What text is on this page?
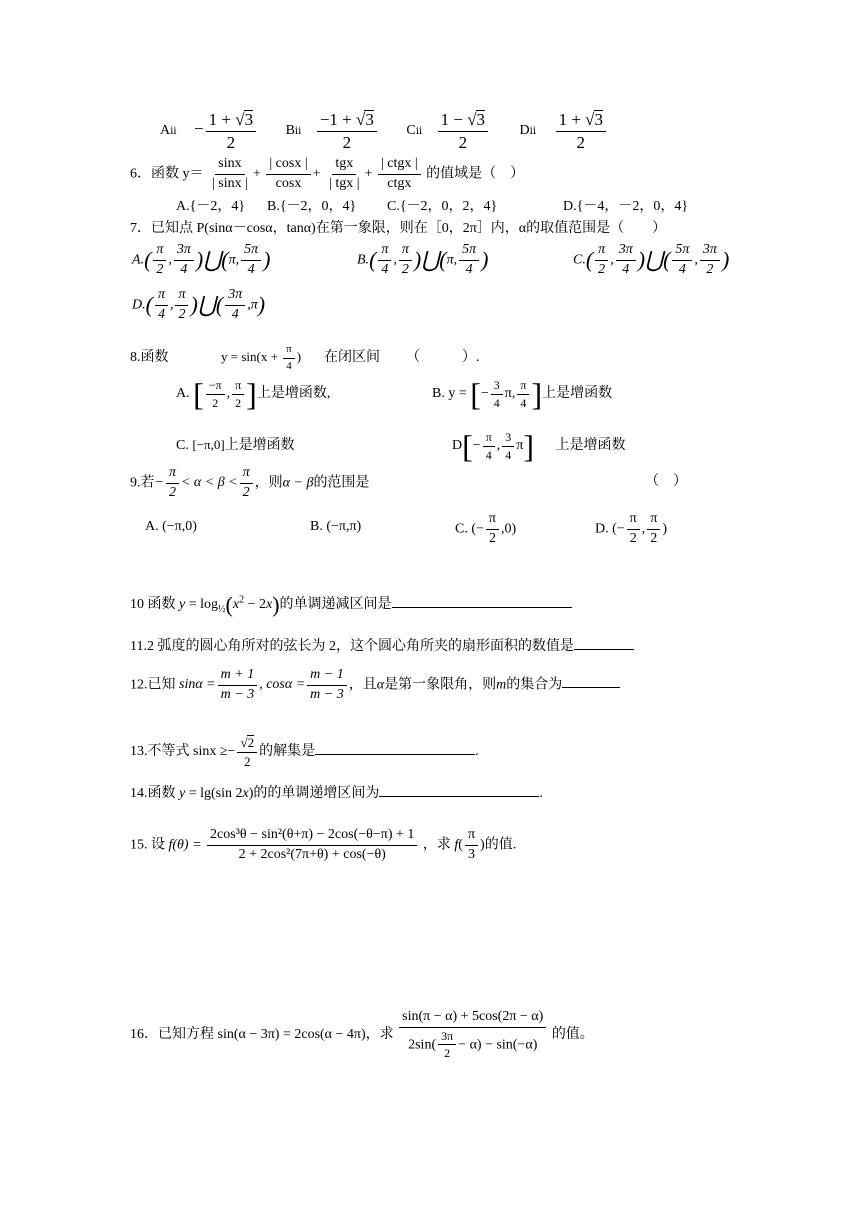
Aⅱ − $\frac{1 + √3}{2}$ Bⅱ $\frac{-1 + √3}{2}$ Cⅱ $\frac{1 - √3}{2}$ Dⅱ $\frac{1 + √3}{2}$
6．函数 $y= \frac{\sin x}{| \sin x |} + \frac{| \cos x |}{\cos x} + \frac{\text{tgx}}{\text{| tgx |}} + \frac{\text{| ctgx |}}{\text{ctgx}}$ 的值域是（　）
A.{－2，4} B.{－2，0，4} C.{－2，0，2，4}	D.{－4，－2，0，4}
7．已知点 P(sinα－cosα，tanα)在第一象限，则在［0，2π］内，α的取值范围是（　　）
$A.( \frac{\pi}{2}$ , $\frac{3\pi}{4}$ )⋃(π, $\frac{5\pi}{4}$ )	$B.( \frac{\pi}{4}$ , $\frac{\pi}{2}$ )⋃(π, $\frac{5\pi}{4}$ )	$C.( \frac{\pi}{2}$ , $\frac{3\pi}{4}$ )⋃( $\frac{5\pi}{4}$ , $\frac{3\pi}{2}$ )
$D.( \frac{\pi}{4}$ , $\frac{\pi}{2}$ )⋃( $\frac{3\pi}{4} ,\pi$)
8.函数	$y = \sin(x + \frac{\pi}{4}$ ) 在闭区间 （　　　）.
A. [ $\frac{-\pi}{2}$ , $\frac{\pi}{2}$ ]上是增函数,	B. y = [− $\frac{3}{4} \pi$, $\frac{\pi}{4}$ ]上是增函数
C. [−π,0]上是增函数	$D[- \frac{\pi}{4}$ , $\frac{3}{4} \pi$] 上是增函数
9.若− $\frac{\pi}{2} < \alpha < \beta < \frac{\pi}{2}$ ，则α − β的范围是	（　）
A. (−π,0)	B. (−π,π)	C. (− $\frac{\pi}{2} ,0$)	D. (− $\frac{\pi}{2}$ , $\frac{\pi}{2}$ )
10 函数 $y = \log_{\frac{1}{2}}(x^2 - 2x)$的单调递减区间是
11.2 弧度的圆心角所对的弦长为 2，这个圆心角所夹的扇形面积的数值是
12.已知 $\sin\alpha = \frac{m + 1}{m - 3}$ , $\cos\alpha = \frac{m - 1}{m - 3}$ ，且α是第一象限角，则m的集合为
13.不等式 $\sin x \ge- \frac{√2}{2}$ 的解集是	.
14.函数 y = lg(sin 2x)的的单调递增区间为	.
15. 设 $f(\theta) = \frac{\text{2cos³θ − sin²(θ+π) − 2cos(−θ−π) + 1}}{\text{2 + 2cos²(7π+θ) + cos(−θ)}}$ ，求 $f( \frac{\pi}{3}$ )的值.
16．已知方程 sin(α − 3π) = 2cos(α − 4π)，求 $\frac{\sin(\pi - \alpha) + 5\cos(2\pi - \alpha)}{2\sin( \frac{3\pi}{2} - \alpha) - \sin(-\alpha)}$ 的值。
